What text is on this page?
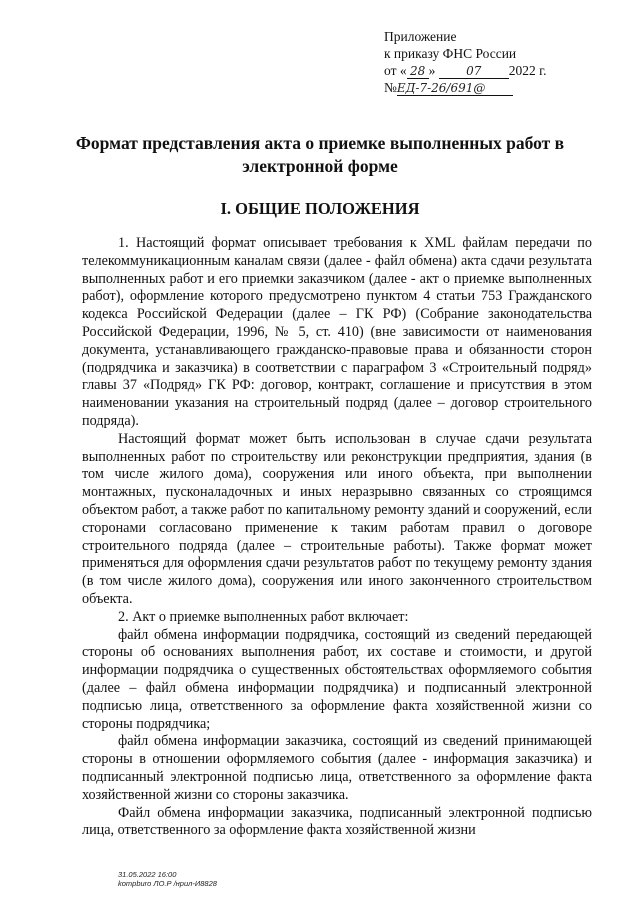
Приложение
к приказу ФНС России
от « 28 »	07 2022 г.
№ЕД-7-26/691@
Формат представления акта о приемке выполненных работ в электронной форме
I. ОБЩИЕ ПОЛОЖЕНИЯ

1. Настоящий формат описывает требования к XML файлам передачи по телекоммуникационным каналам связи (далее - файл обмена) акта сдачи результата выполненных работ и его приемки заказчиком (далее - акт о приемке выполненных работ), оформление которого предусмотрено пунктом 4 статьи 753 Гражданского кодекса Российской Федерации (далее – ГК РФ) (Собрание законодательства Российской Федерации, 1996, № 5, ст. 410) (вне зависимости от наименования документа, устанавливающего гражданско-правовые права и обязанности сторон (подрядчика и заказчика) в соответствии с параграфом 3 «Строительный подряд» главы 37 «Подряд» ГК РФ: договор, контракт, соглашение и присутствия в этом наименовании указания на строительный подряд (далее – договор строительного подряда).

Настоящий формат может быть использован в случае сдачи результата выполненных работ по строительству или реконструкции предприятия, здания (в том числе жилого дома), сооружения или иного объекта, при выполнении монтажных, пусконаладочных и иных неразрывно связанных со строящимся объектом работ, а также работ по капитальному ремонту зданий и сооружений, если сторонами согласовано применение к таким работам правил о договоре строительного подряда (далее – строительные работы). Также формат может применяться для оформления сдачи результатов работ по текущему ремонту здания (в том числе жилого дома), сооружения или иного законченного строительством объекта.

2. Акт о приемке выполненных работ включает:

файл обмена информации подрядчика, состоящий из сведений передающей стороны об основаниях выполнения работ, их составе и стоимости, и другой информации подрядчика о существенных обстоятельствах оформляемого события (далее – файл обмена информации подрядчика) и подписанный электронной подписью лица, ответственного за оформление факта хозяйственной жизни со стороны подрядчика;

файл обмена информации заказчика, состоящий из сведений принимающей стороны в отношении оформляемого события (далее - информация заказчика) и подписанный электронной подписью лица, ответственного за оформление факта хозяйственной жизни со стороны заказчика.

Файл обмена информации заказчика, подписанный электронной подписью лица, ответственного за оформление факта хозяйственной жизни

31.05.2022 16:00
kompburo ЛО.Р /нрил-И8828
